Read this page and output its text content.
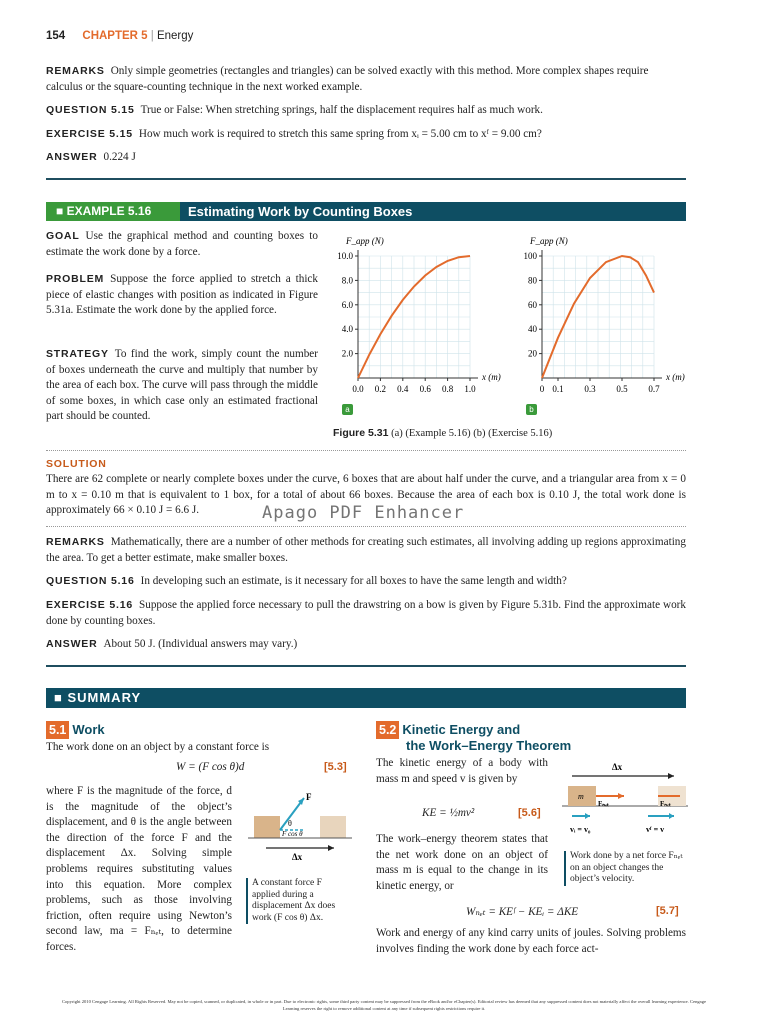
154 CHAPTER 5 | Energy
REMARKS Only simple geometries (rectangles and triangles) can be solved exactly with this method. More complex shapes require calculus or the square-counting technique in the next worked example.
QUESTION 5.15 True or False: When stretching springs, half the displacement requires half as much work.
EXERCISE 5.15 How much work is required to stretch this same spring from xᵢ = 5.00 cm to xᶠ = 9.00 cm?
ANSWER 0.224 J
■ EXAMPLE 5.16	Estimating Work by Counting Boxes
GOAL Use the graphical method and counting boxes to estimate the work done by a force.
PROBLEM Suppose the force applied to stretch a thick piece of elastic changes with position as indicated in Figure 5.31a. Estimate the work done by the applied force.
STRATEGY To find the work, simply count the number of boxes underneath the curve and multiply that number by the area of each box. The curve will pass through the middle of some boxes, in which case only an estimated fractional part should be counted.
2.0
4.0
6.0
8.0
10.0
0.0 0.2 0.4 0.6 0.8 1.0
F_app (N)
x (m)
20
40
60
80
100
0 0.1 0.3 0.5 0.7
F_app (N)
x (m)
a	b
Figure 5.31 (a) (Example 5.16) (b) (Exercise 5.16)
SOLUTION
There are 62 complete or nearly complete boxes under the curve, 6 boxes that are about half under the curve, and a triangular area from x = 0 m to x = 0.10 m that is equivalent to 1 box, for a total of about 66 boxes. Because the area of each box is 0.10 J, the total work done is approximately 66 × 0.10 J = 6.6 J.	Apago PDF Enhancer
REMARKS Mathematically, there are a number of other methods for creating such estimates, all involving adding up regions approximating the area. To get a better estimate, make smaller boxes.
QUESTION 5.16 In developing such an estimate, is it necessary for all boxes to have the same length and width?
EXERCISE 5.16 Suppose the applied force necessary to pull the drawstring on a bow is given by Figure 5.31b. Find the approximate work done by counting boxes.
ANSWER About 50 J. (Individual answers may vary.)
■ SUMMARY
5.1 Work
The work done on an object by a constant force is
W = (F cos θ)d	[5.3]
where F is the magnitude of the force, d is the magnitude of the object’s displacement, and θ is the angle between the direction of the force F and the displacement Δx. Solving simple problems requires substituting values into this equation. More complex problems, such as those involving friction, often require using Newton’s second law, ma = Fₙₑₜ, to determine forces.
F
θ
F cos θ
Δx
A constant force F applied during a displacement Δx does work (F cos θ) Δx.
5.2 Kinetic Energy and
the Work–Energy Theorem
The kinetic energy of a body with mass m and speed v is given by
KE = ½mv²	[5.6]
The work–energy theorem states that the net work done on an object of mass m is equal to the change in its kinetic energy, or
Δx
m
Fₙₑₜ	Fₙₑₜ
vᵢ = v₀	vᶠ = v
Work done by a net force Fₙₑₜ on an object changes the object’s velocity.
Wₙₑₜ = KEᶠ − KEᵢ = ΔKE	[5.7]
Work and energy of any kind carry units of joules. Solving problems involves finding the work done by each force act-
Copyright 2010 Cengage Learning. All Rights Reserved. May not be copied, scanned, or duplicated, in whole or in part. Due to electronic rights, some third party content may be suppressed from the eBook and/or eChapter(s). Editorial review has deemed that any suppressed content does not materially affect the overall learning experience. Cengage Learning reserves the right to remove additional content at any time if subsequent rights restrictions require it.
